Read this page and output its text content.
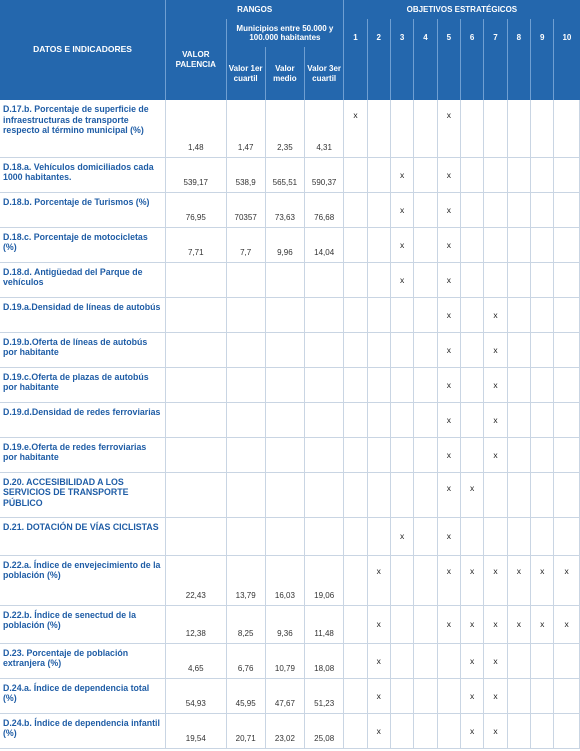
DATOS E INDICADORES	RANGOS				OBJETIVOS ESTRATÉGICOS									
	VALOR PALENCIA	Municipios entre 50.000 y 100.000 habitantes			1	2	3	4	5	6	7	8	9	10
		Valor 1er cuartil	Valor medio	Valor 3er cuartil										
D.17.b. Porcentaje de superficie de infraestructuras de transporte respecto al término municipal (%)	1,48	1,47	2,35	4,31	x				x					
D.18.a. Vehículos domiciliados cada 1000 habitantes.	539,17	538,9	565,51	590,37			x		x					
D.18.b. Porcentaje de Turismos (%)	76,95	70357	73,63	76,68			x		x					
D.18.c. Porcentaje de motocicletas (%)	7,71	7,7	9,96	14,04			x		x					
D.18.d. Antigüedad del Parque de vehículos							x		x					
D.19.a.Densidad de líneas de autobús									x		x			
D.19.b.Oferta de líneas de autobús por habitante									x		x			
D.19.c.Oferta de plazas de autobús por habitante									x		x			
D.19.d.Densidad de redes ferroviarias									x		x			
D.19.e.Oferta de redes ferroviarias por habitante									x		x			
D.20. ACCESIBILIDAD A LOS SERVICIOS DE TRANSPORTE PÚBLICO									x	x				
D.21. DOTACIÓN DE VÍAS CICLISTAS							x		x					
D.22.a. Índice de envejecimiento de la población (%)	22,43	13,79	16,03	19,06		x			x	x	x	x	x	x
D.22.b. Índice de senectud de la población (%)	12,38	8,25	9,36	11,48		x			x	x	x	x	x	x
D.23. Porcentaje de población extranjera (%)	4,65	6,76	10,79	18,08		x				x	x			
D.24.a. Índice de dependencia total (%)	54,93	45,95	47,67	51,23		x				x	x			
D.24.b. Índice de dependencia infantil (%)	19,54	20,71	23,02	25,08		x				x	x			
